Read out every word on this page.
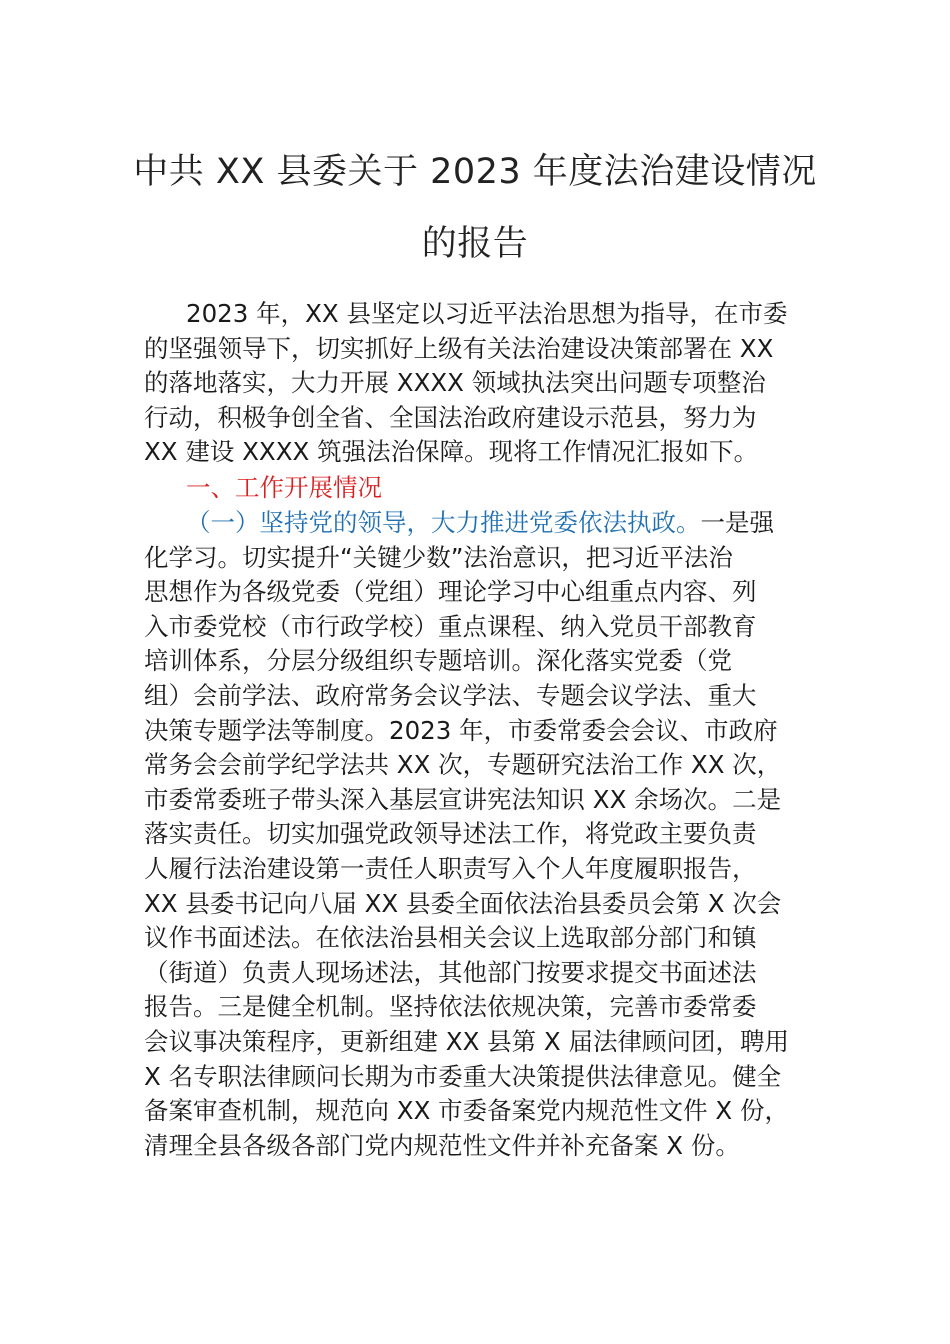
中共 XX 县委关于 2023 年度法治建设情况
的报告
2023 年，XX 县坚定以习近平法治思想为指导，在市委
的坚强领导下，切实抓好上级有关法治建设决策部署在 XX
的落地落实，大力开展 XXXX 领域执法突出问题专项整治
行动，积极争创全省、全国法治政府建设示范县，努力为
XX 建设 XXXX 筑强法治保障。现将工作情况汇报如下。
一、工作开展情况
（一）坚持党的领导，大力推进党委依法执政。一是强
化学习。切实提升“关键少数”法治意识，把习近平法治
思想作为各级党委（党组）理论学习中心组重点内容、列
入市委党校（市行政学校）重点课程、纳入党员干部教育
培训体系，分层分级组织专题培训。深化落实党委（党
组）会前学法、政府常务会议学法、专题会议学法、重大
决策专题学法等制度。2023 年，市委常委会会议、市政府
常务会会前学纪学法共 XX 次，专题研究法治工作 XX 次，
市委常委班子带头深入基层宣讲宪法知识 XX 余场次。二是
落实责任。切实加强党政领导述法工作，将党政主要负责
人履行法治建设第一责任人职责写入个人年度履职报告，
XX 县委书记向八届 XX 县委全面依法治县委员会第 X 次会
议作书面述法。在依法治县相关会议上选取部分部门和镇
（街道）负责人现场述法，其他部门按要求提交书面述法
报告。三是健全机制。坚持依法依规决策，完善市委常委
会议事决策程序，更新组建 XX 县第 X 届法律顾问团，聘用
X 名专职法律顾问长期为市委重大决策提供法律意见。健全
备案审查机制，规范向 XX 市委备案党内规范性文件 X 份，
清理全县各级各部门党内规范性文件并补充备案 X 份。
